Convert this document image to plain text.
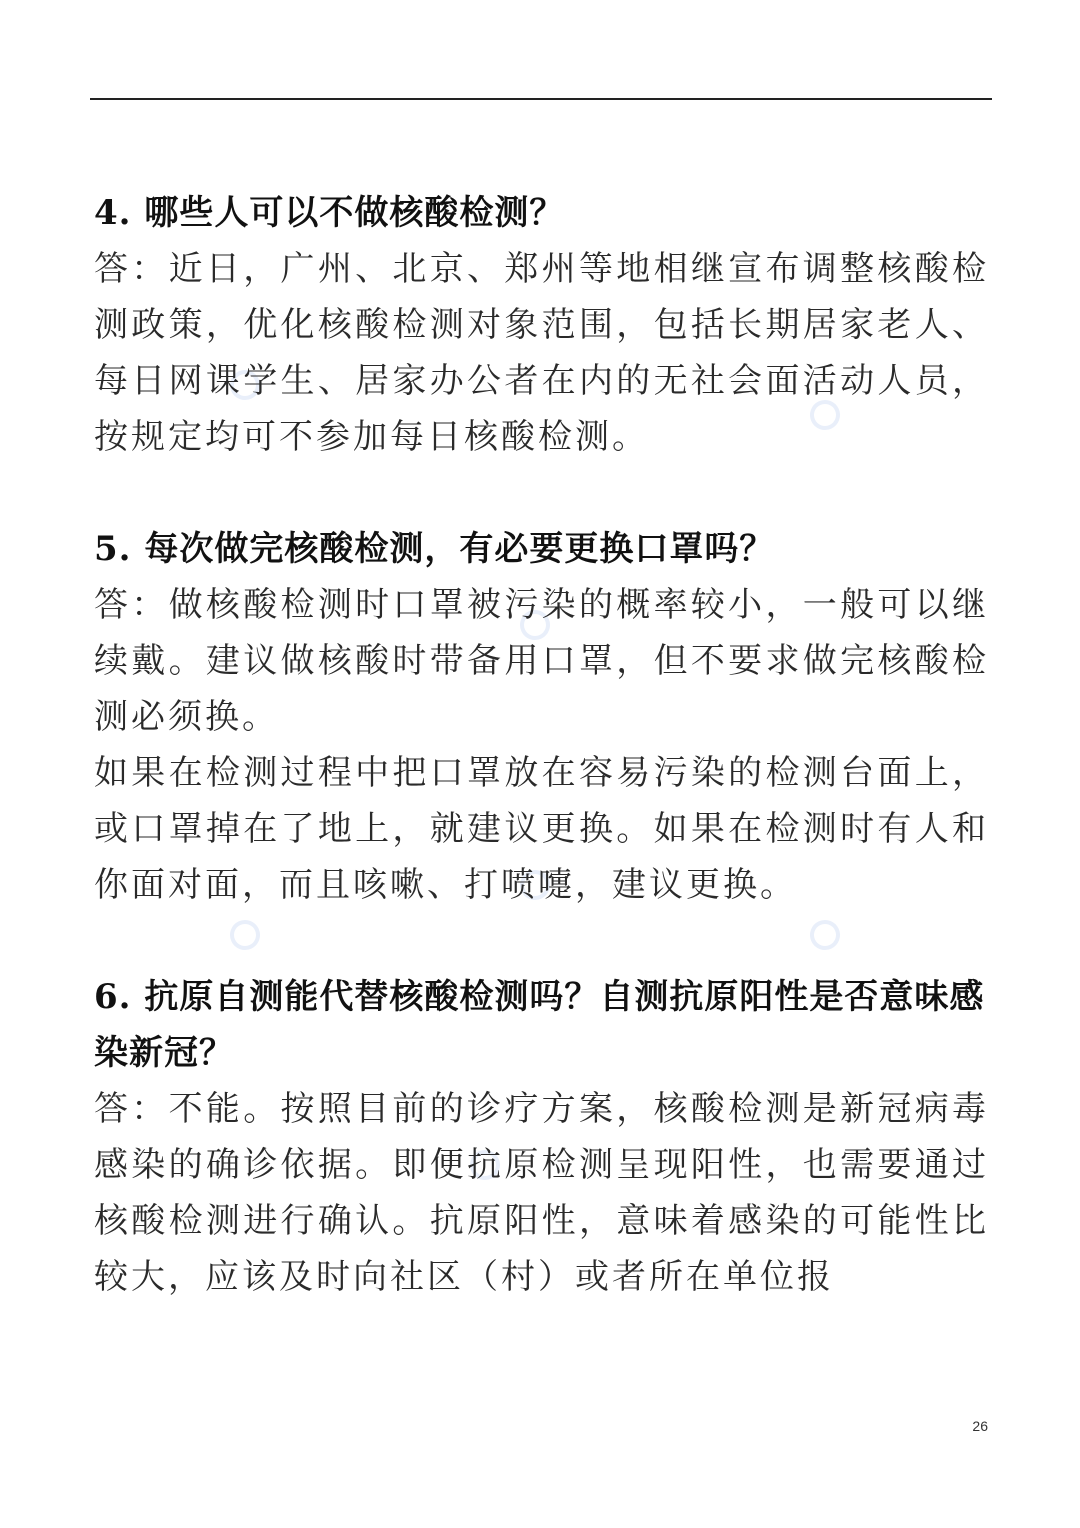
4. 哪些人可以不做核酸检测？

答：近日，广州、北京、郑州等地相继宣布调整核酸检测政策，优化核酸检测对象范围，包括长期居家老人、每日网课学生、居家办公者在内的无社会面活动人员，按规定均可不参加每日核酸检测。

5. 每次做完核酸检测，有必要更换口罩吗？

答：做核酸检测时口罩被污染的概率较小，一般可以继续戴。建议做核酸时带备用口罩，但不要求做完核酸检测必须换。

如果在检测过程中把口罩放在容易污染的检测台面上，或口罩掉在了地上，就建议更换。如果在检测时有人和你面对面，而且咳嗽、打喷嚏，建议更换。

6. 抗原自测能代替核酸检测吗？自测抗原阳性是否意味感染新冠？

答：不能。按照目前的诊疗方案，核酸检测是新冠病毒感染的确诊依据。即便抗原检测呈现阳性，也需要通过核酸检测进行确认。抗原阳性，意味着感染的可能性比较大，应该及时向社区（村）或者所在单位报

26
